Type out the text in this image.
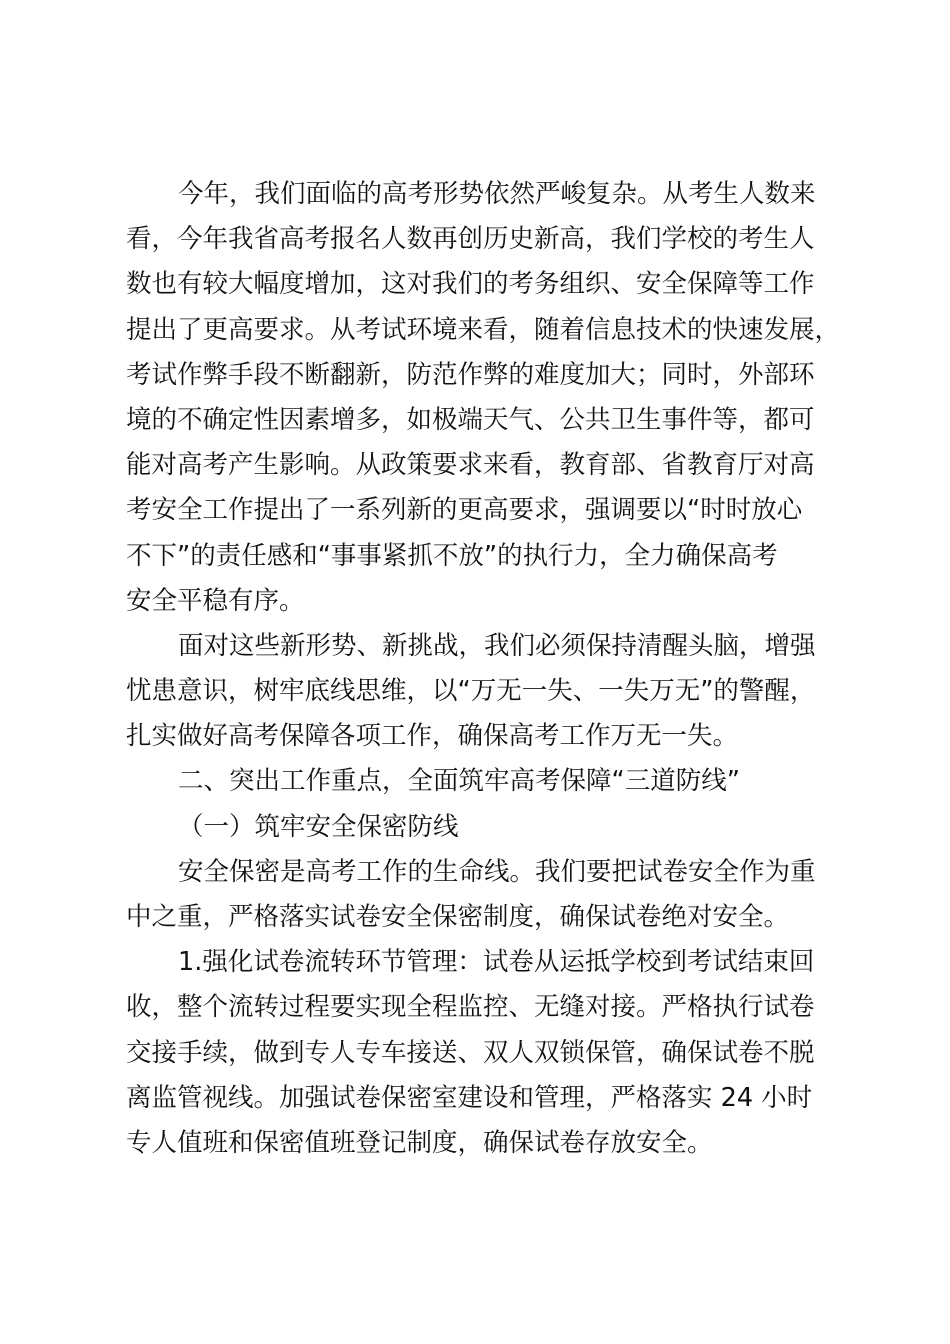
今年，我们面临的高考形势依然严峻复杂。从考生人数来
看，今年我省高考报名人数再创历史新高，我们学校的考生人
数也有较大幅度增加，这对我们的考务组织、安全保障等工作
提出了更高要求。从考试环境来看，随着信息技术的快速发展，
考试作弊手段不断翻新，防范作弊的难度加大；同时，外部环
境的不确定性因素增多，如极端天气、公共卫生事件等，都可
能对高考产生影响。从政策要求来看，教育部、省教育厅对高
考安全工作提出了一系列新的更高要求，强调要以“时时放心
不下”的责任感和“事事紧抓不放”的执行力，全力确保高考
安全平稳有序。
面对这些新形势、新挑战，我们必须保持清醒头脑，增强
忧患意识，树牢底线思维，以“万无一失、一失万无”的警醒，
扎实做好高考保障各项工作，确保高考工作万无一失。
二、突出工作重点，全面筑牢高考保障“三道防线”
（一）筑牢安全保密防线
安全保密是高考工作的生命线。我们要把试卷安全作为重
中之重，严格落实试卷安全保密制度，确保试卷绝对安全。
1.强化试卷流转环节管理：试卷从运抵学校到考试结束回
收，整个流转过程要实现全程监控、无缝对接。严格执行试卷
交接手续，做到专人专车接送、双人双锁保管，确保试卷不脱
离监管视线。加强试卷保密室建设和管理，严格落实 24 小时
专人值班和保密值班登记制度，确保试卷存放安全。
